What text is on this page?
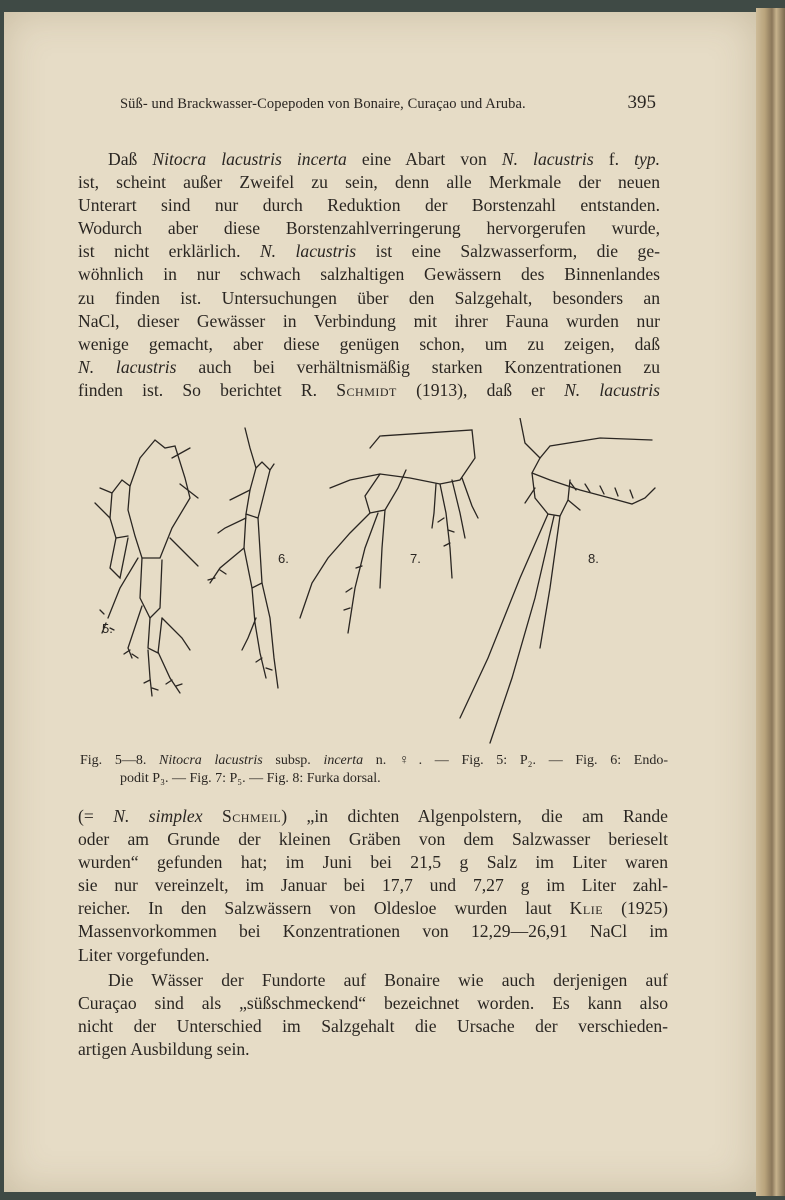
Süß- und Brackwasser-Copepoden von Bonaire, Curaçao und Aruba.	395
Daß Nitocra lacustris incerta eine Abart von N. lacustris f. typ.
ist, scheint außer Zweifel zu sein, denn alle Merkmale der neuen
Unterart sind nur durch Reduktion der Borstenzahl entstanden.
Wodurch aber diese Borstenzahlverringerung hervorgerufen wurde,
ist nicht erklärlich. N. lacustris ist eine Salzwasserform, die ge-
wöhnlich in nur schwach salzhaltigen Gewässern des Binnenlandes
zu finden ist. Untersuchungen über den Salzgehalt, besonders an
NaCl, dieser Gewässer in Verbindung mit ihrer Fauna wurden nur
wenige gemacht, aber diese genügen schon, um zu zeigen, daß
N. lacustris auch bei verhältnismäßig starken Konzentrationen zu
finden ist. So berichtet R. Schmidt (1913), daß er N. lacustris
5.
6.	7.	8.
Fig. 5—8. Nitocra lacustris subsp. incerta n. ♀. — Fig. 5: P₂. — Fig. 6: Endo-
podit P₃. — Fig. 7: P₅. — Fig. 8: Furka dorsal.
(= N. simplex Schmeil) „in dichten Algenpolstern, die am Rande
oder am Grunde der kleinen Gräben von dem Salzwasser berieselt
wurden“ gefunden hat; im Juni bei 21,5 g Salz im Liter waren
sie nur vereinzelt, im Januar bei 17,7 und 7,27 g im Liter zahl-
reicher. In den Salzwässern von Oldesloe wurden laut Klie (1925)
Massenvorkommen bei Konzentrationen von 12,29—26,91 NaCl im
Liter vorgefunden.
Die Wässer der Fundorte auf Bonaire wie auch derjenigen auf
Curaçao sind als „süßschmeckend“ bezeichnet worden. Es kann also
nicht der Unterschied im Salzgehalt die Ursache der verschieden-
artigen Ausbildung sein.
